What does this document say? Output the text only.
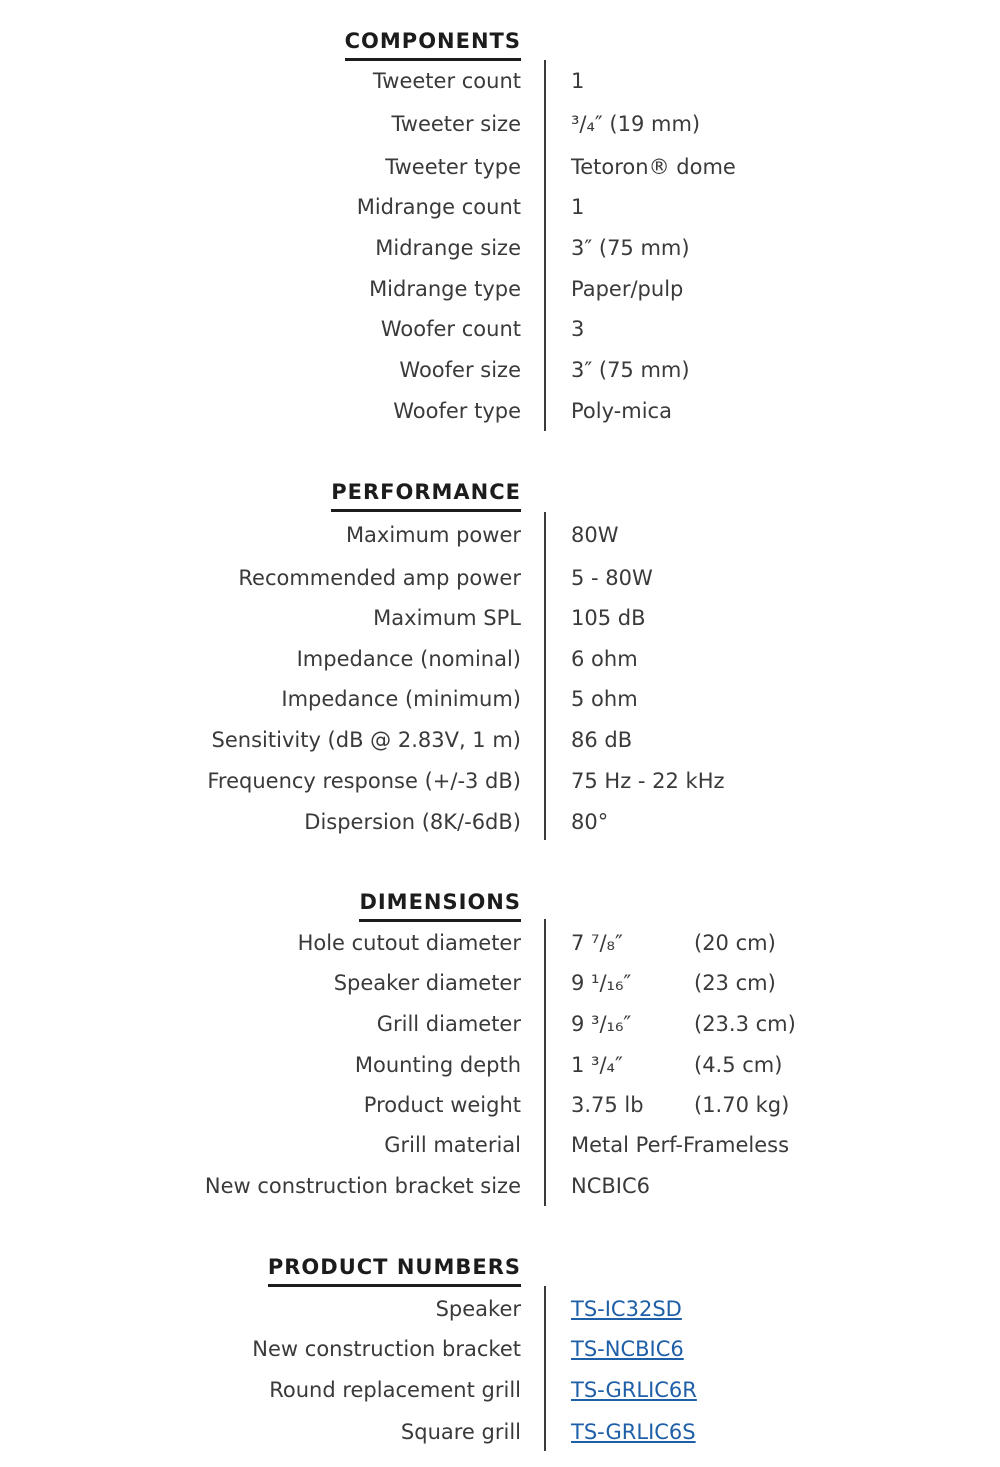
COMPONENTS
Tweeter count 1
Tweeter size ³/₄″ (19 mm)
Tweeter type Tetoron® dome
Midrange count 1
Midrange size 3″ (75 mm)
Midrange type Paper/pulp
Woofer count 3
Woofer size 3″ (75 mm)
Woofer type Poly-mica
PERFORMANCE
Maximum power 80W
Recommended amp power 5 - 80W
Maximum SPL 105 dB
Impedance (nominal) 6 ohm
Impedance (minimum) 5 ohm
Sensitivity (dB @ 2.83V, 1 m) 86 dB
Frequency response (+/-3 dB) 75 Hz - 22 kHz
Dispersion (8K/-6dB) 80°
DIMENSIONS
Hole cutout diameter 7 ⁷/₈″	(20 cm)
Speaker diameter 9 ¹/₁₆″	(23 cm)
Grill diameter 9 ³/₁₆″	(23.3 cm)
Mounting depth 1 ³/₄″	(4.5 cm)
Product weight 3.75 lb (1.70 kg)
Grill material Metal Perf-Frameless
New construction bracket size NCBIC6
PRODUCT NUMBERS
Speaker TS-IC32SD
New construction bracket TS-NCBIC6
Round replacement grill TS-GRLIC6R
Square grill TS-GRLIC6S
